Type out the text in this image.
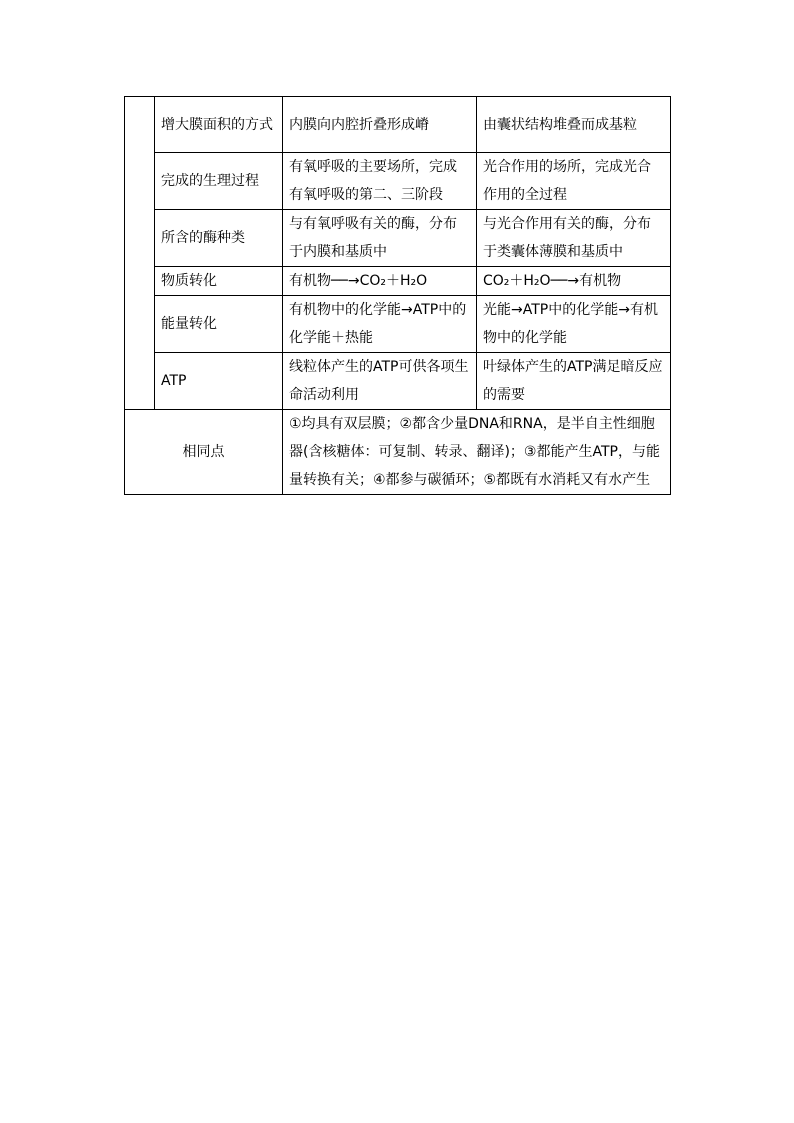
	增大膜面积的方式	内膜向内腔折叠形成嵴	由囊状结构堆叠而成基粒
	完成的生理过程	有氧呼吸的主要场所，完成有氧呼吸的第二、三阶段	光合作用的场所，完成光合作用的全过程
	所含的酶种类	与有氧呼吸有关的酶，分布于内膜和基质中	与光合作用有关的酶，分布于类囊体薄膜和基质中
	物质转化	有机物──→CO₂＋H₂O	CO₂＋H₂O──→有机物
	能量转化	有机物中的化学能→ATP中的化学能＋热能	光能→ATP中的化学能→有机物中的化学能
	ATP	线粒体产生的ATP可供各项生命活动利用	叶绿体产生的ATP满足暗反应的需要
相同点		①均具有双层膜；②都含少量DNA和RNA，是半自主性细胞器(含核糖体：可复制、转录、翻译)；③都能产生ATP，与能量转换有关；④都参与碳循环；⑤都既有水消耗又有水产生	
